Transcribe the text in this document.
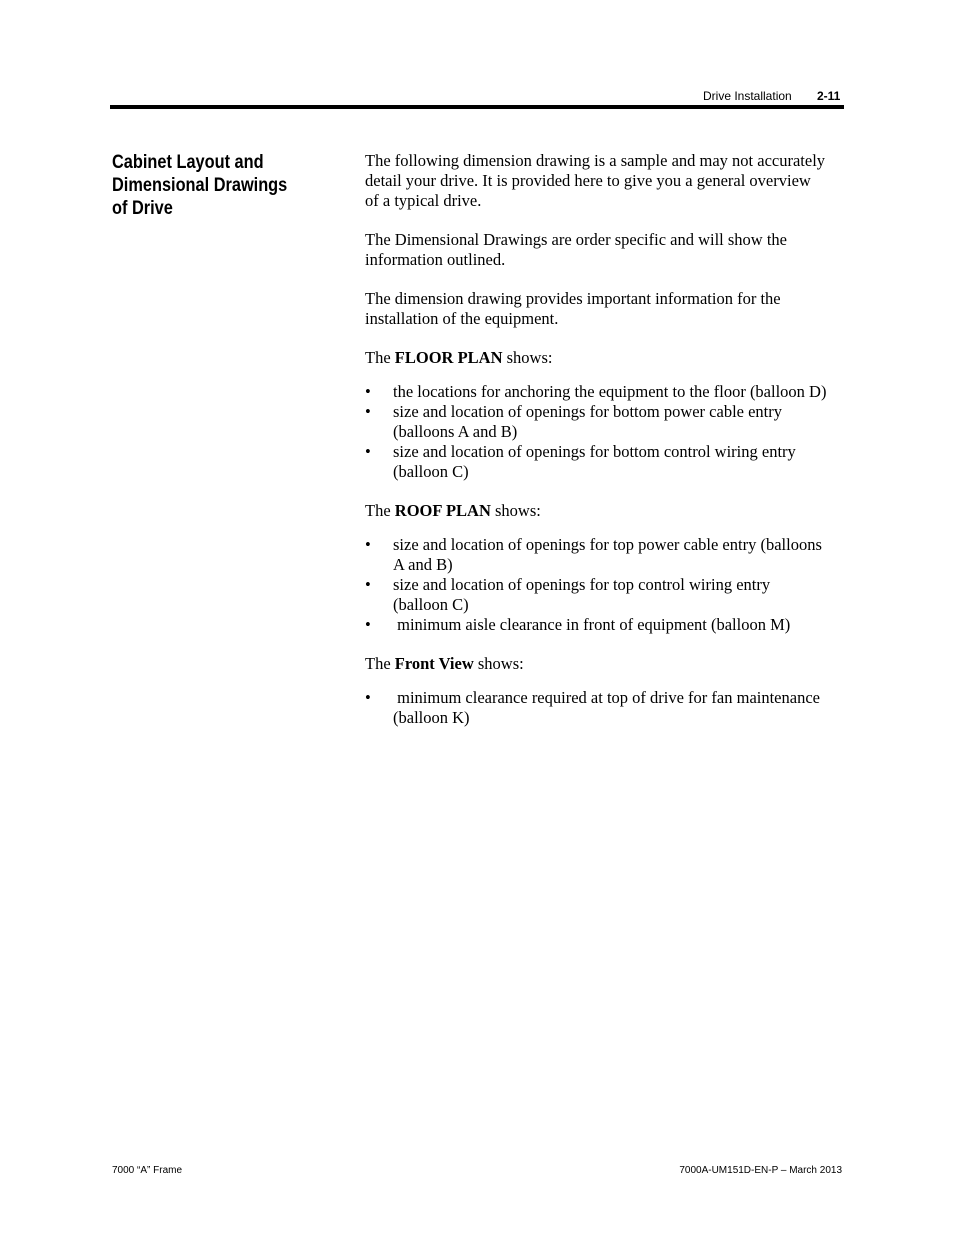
Drive Installation 2-11
Cabinet Layout and
Dimensional Drawings
of Drive
The following dimension drawing is a sample and may not accurately
detail your drive. It is provided here to give you a general overview
of a typical drive.
The Dimensional Drawings are order specific and will show the
information outlined.
The dimension drawing provides important information for the
installation of the equipment.
The FLOOR PLAN shows:
• the locations for anchoring the equipment to the floor (balloon D)
• size and location of openings for bottom power cable entry
(balloons A and B)
• size and location of openings for bottom control wiring entry
(balloon C)
The ROOF PLAN shows:
• size and location of openings for top power cable entry (balloons
A and B)
• size and location of openings for top control wiring entry
(balloon C)
• minimum aisle clearance in front of equipment (balloon M)
The Front View shows:
• minimum clearance required at top of drive for fan maintenance
(balloon K)
7000 “A” Frame	7000A-UM151D-EN-P – March 2013
